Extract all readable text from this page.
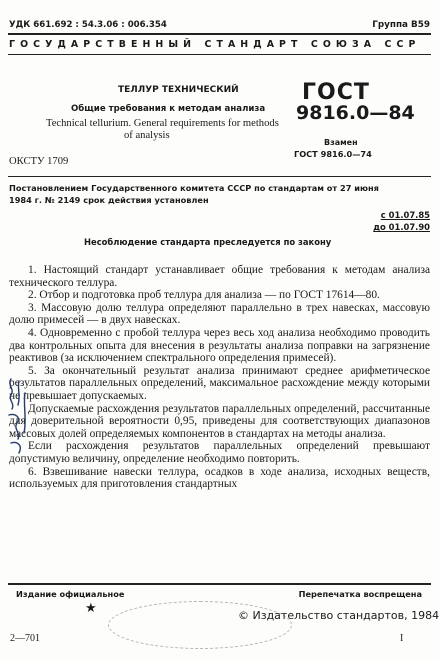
УДК 661.692 : 54.3.06 : 006.354	Группа В59
ГОСУДАРСТВЕННЫЙ СТАНДАРТ СОЮЗА ССР
ТЕЛЛУР ТЕХНИЧЕСКИЙ
Общие требования к методам анализа
Technical tellurium. General requirements for methods
of analysis
ОКСТУ 1709
ГОСТ
9816.0—84
Взамен
ГОСТ 9816.0—74
Постановлением Государственного комитета СССР по стандартам от 27 июня
1984 г. № 2149 срок действия установлен
с 01.07.85
до 01.07.90
Несоблюдение стандарта преследуется по закону

1. Настоящий стандарт устанавливает общие требования к методам анализа технического теллура.

2. Отбор и подготовка проб теллура для анализа — по ГОСТ 17614—80.

3. Массовую долю теллура определяют параллельно в трех навесках, массовую долю примесей — в двух навесках.

4. Одновременно с пробой теллура через весь ход анализа необходимо проводить два контрольных опыта для внесения в результаты анализа поправки на загрязнение реактивов (за исключением спектрального определения примесей).

5. За окончательный результат анализа принимают среднее арифметическое результатов параллельных определений, максимальное расхождение между которыми не превышает допускаемых.

Допускаемые расхождения результатов параллельных определений, рассчитанные для доверительной вероятности 0,95, приведены для соответствующих диапазонов массовых долей определяемых компонентов в стандартах на методы анализа.

Если расхождения результатов параллельных определений превышают допустимую величину, определение необходимо повторить.

6. Взвешивание навески теллура, осадков в ходе анализа, исходных веществ, используемых для приготовления стандартных

Издание официальное	Перепечатка воспрещена
★
© Издательство стандартов, 1984
2—701	I
